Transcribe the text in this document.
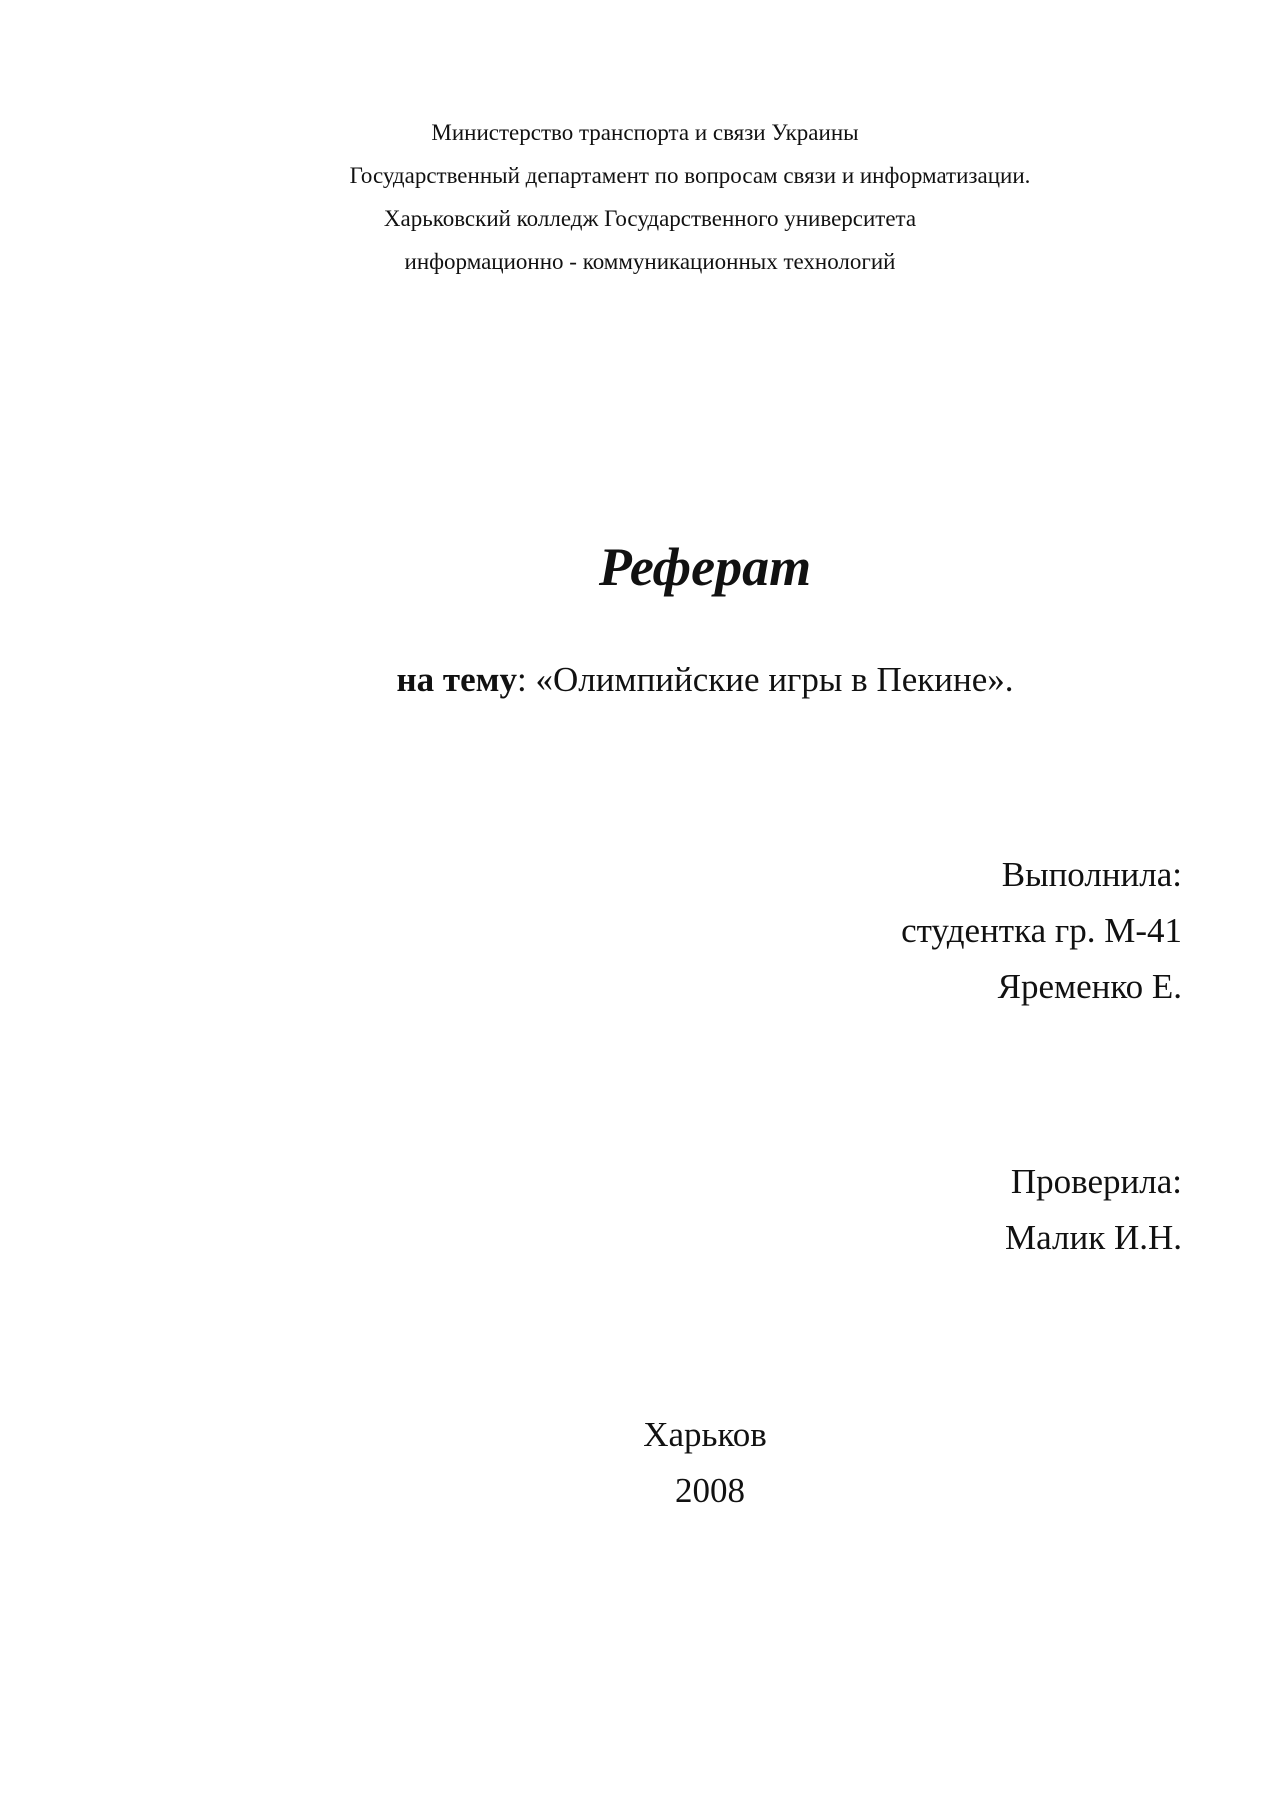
Министерство транспорта и связи Украины
Государственный департамент по вопросам связи и информатизации.
Харьковский колледж Государственного университета
информационно - коммуникационных технологий
Реферат
на тему: «Олимпийские игры в Пекине».
Выполнила:
студентка гр. М-41
Яременко Е.
Проверила:
Малик И.Н.
Харьков
2008
